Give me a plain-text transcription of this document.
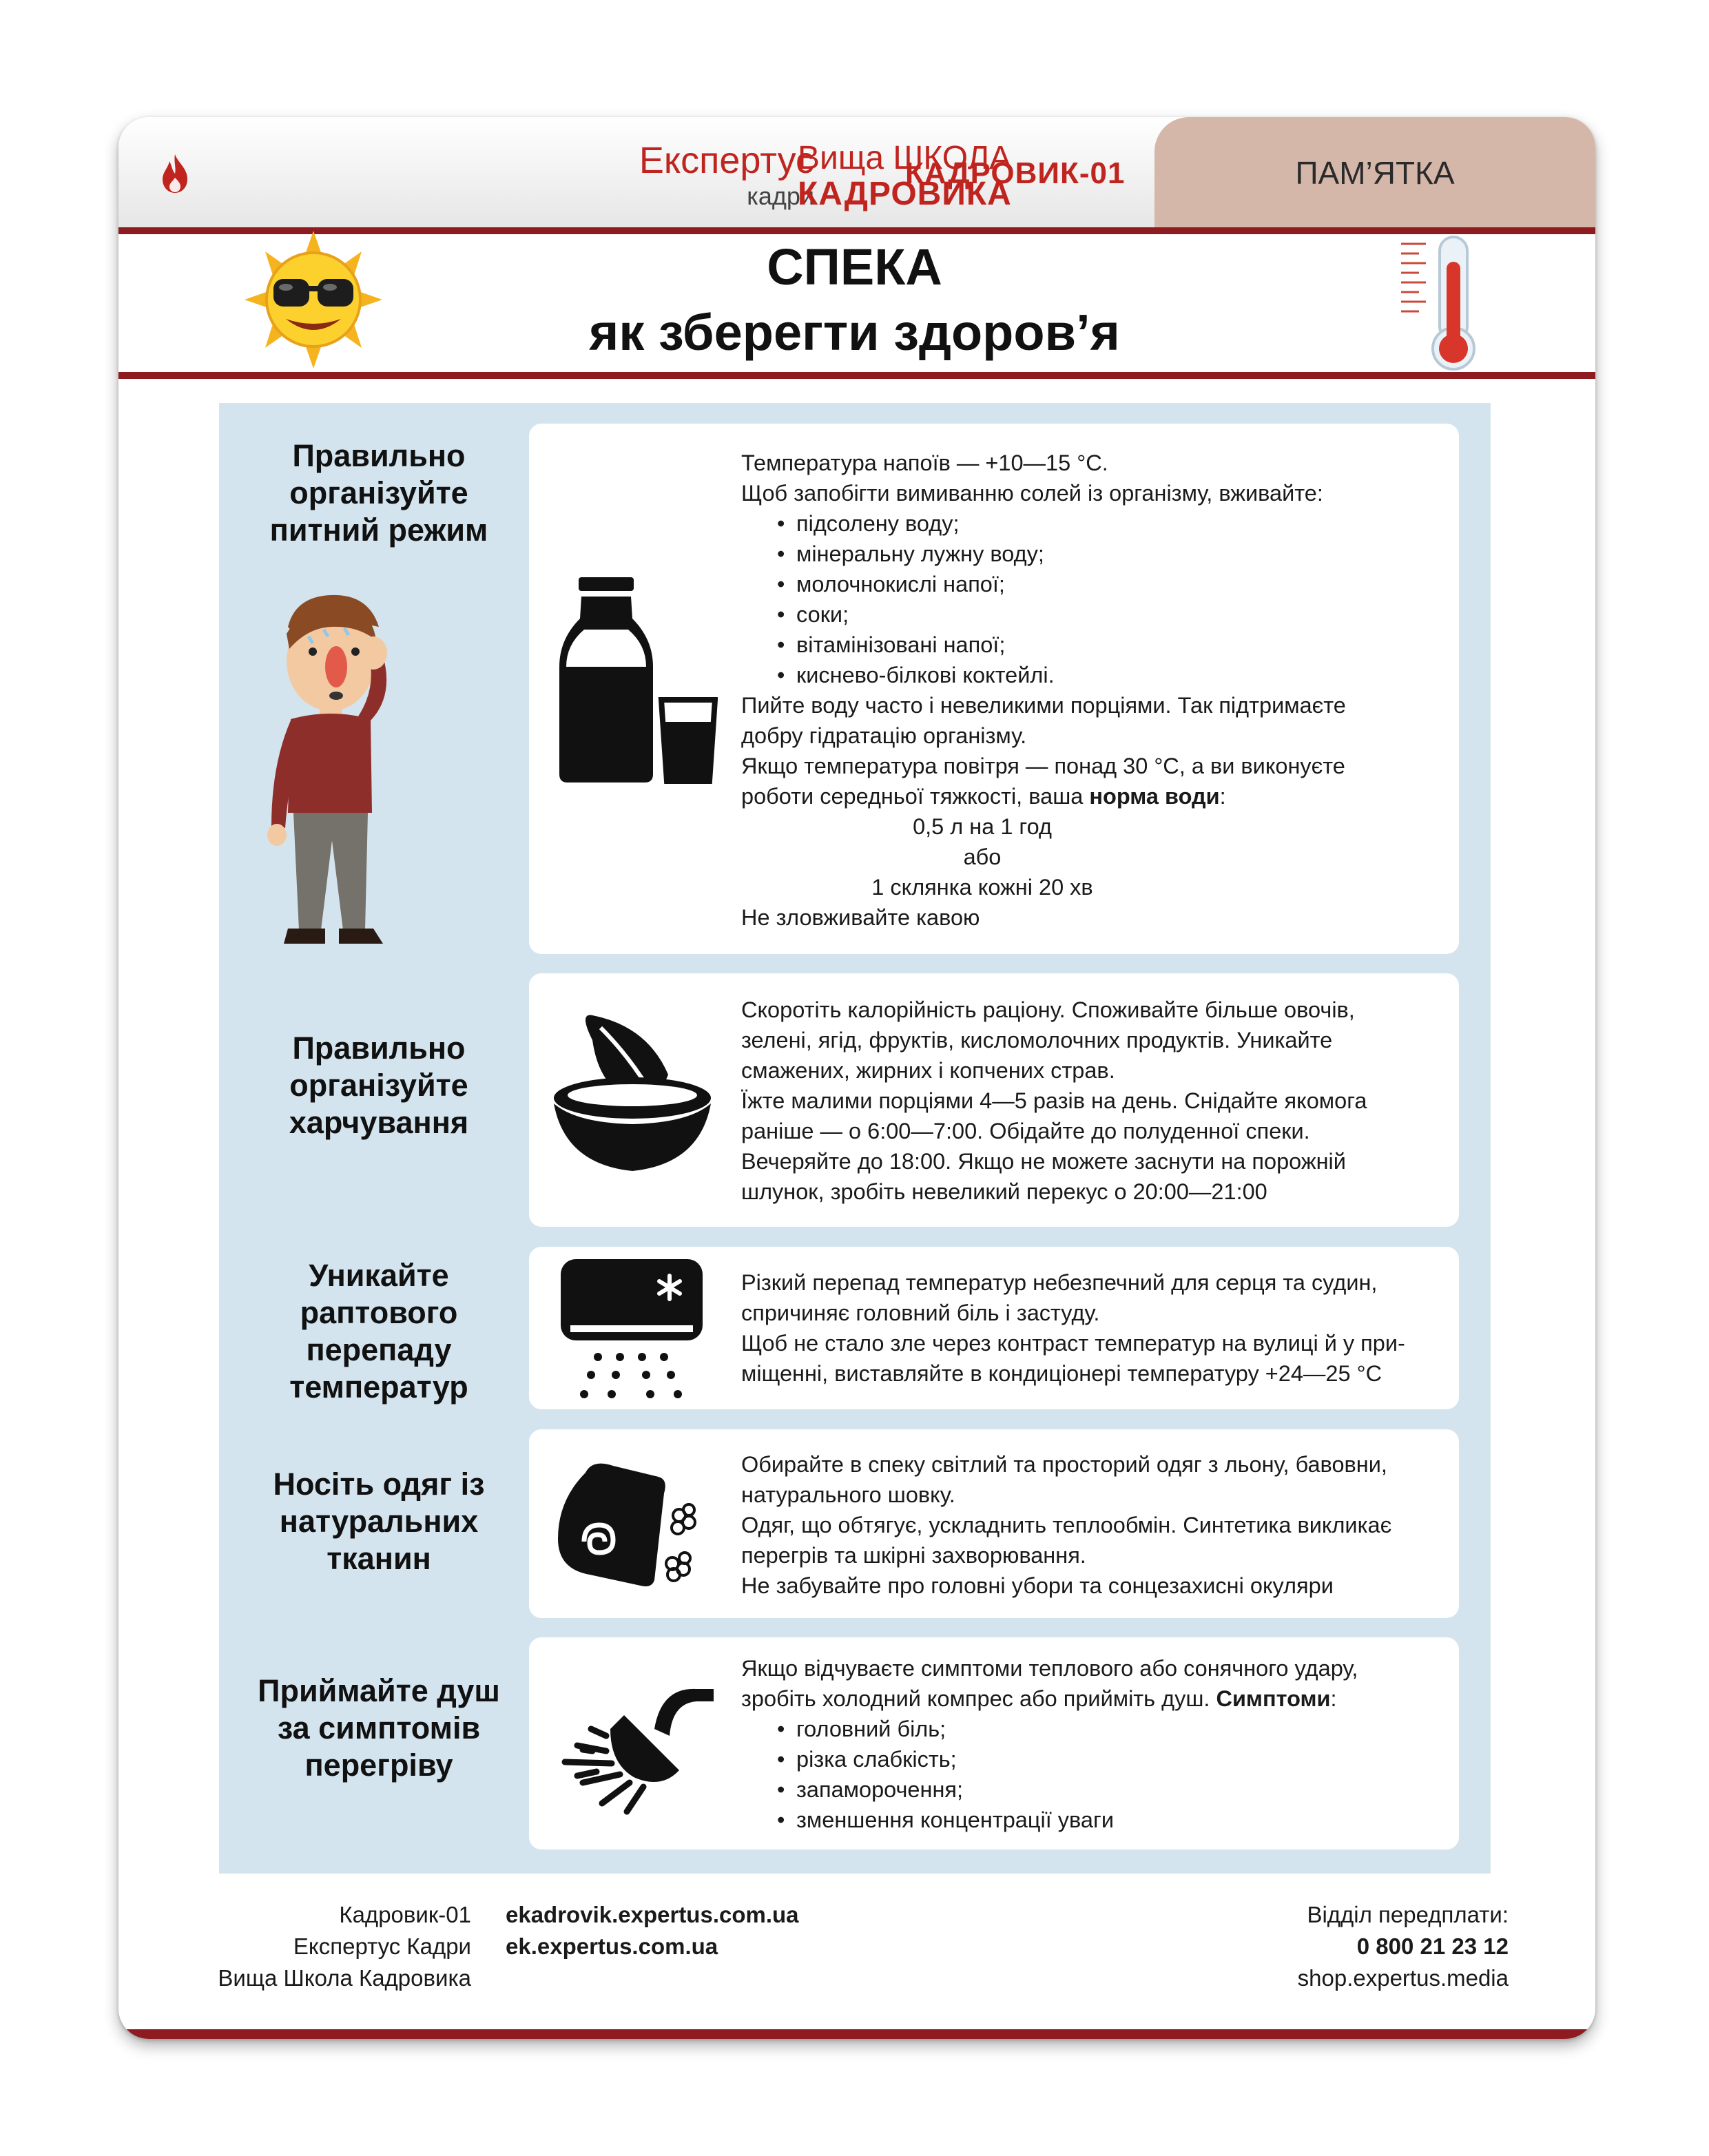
ПАМ’ЯТКА
КАДРОВИК-01
Експертус
кадри
Вища ШКОЛА
КАДРОВИКА
СПЕКА
як зберегти здоров’я
Правильно
організуйте
питний режим

Температура напоїв — +10—15 °С.

Щоб запобігти вимиванню солей із організму, вживайте:

• підсолену воду;

• мінеральну лужну воду;

• молочнокислі напої;

• соки;

• вітамінізовані напої;

• киснево-білкові коктейлі.

Пийте воду часто і невеликими порціями. Так підтримаєте

добру гідратацію організму.

Якщо температура повітря — понад 30 °С, а ви виконуєте

роботи середньої тяжкості, ваша норма води:

0,5 л на 1 год

або

1 склянка кожні 20 хв

Не зловживайте кавою

Правильно
організуйте
харчування

Скоротіть калорійність раціону. Споживайте більше овочів,

зелені, ягід, фруктів, кисломолочних продуктів. Уникайте

смажених, жирних і копчених страв.

Їжте малими порціями 4—5 разів на день. Снідайте якомога

раніше — о 6:00—7:00. Обідайте до полуденної спеки.

Вечеряйте до 18:00. Якщо не можете заснути на порожній

шлунок, зробіть невеликий перекус о 20:00—21:00

Уникайте
раптового
перепаду
температур

Різкий перепад температур небезпечний для серця та судин,

спричиняє головний біль і застуду.

Щоб не стало зле через контраст температур на вулиці й у при-

міщенні, виставляйте в кондиціонері температуру +24—25 °С

Носіть одяг із
натуральних
тканин

Обирайте в спеку світлий та просторий одяг з льону, бавовни,

натурального шовку.

Одяг, що обтягує, ускладнить теплообмін. Синтетика викликає

перегрів та шкірні захворювання.

Не забувайте про головні убори та сонцезахисні окуляри

Приймайте душ
за симптомів
перегріву

Якщо відчуваєте симптоми теплового або сонячного удару,

зробіть холодний компрес або прийміть душ. Симптоми:

• головний біль;

• різка слабкість;

• запаморочення;

• зменшення концентрації уваги

Кадровик-01
Експертус Кадри
Вища Школа Кадровика
ekadrovik.expertus.com.ua
ek.expertus.com.ua
Відділ передплати:
0 800 21 23 12
shop.expertus.media
